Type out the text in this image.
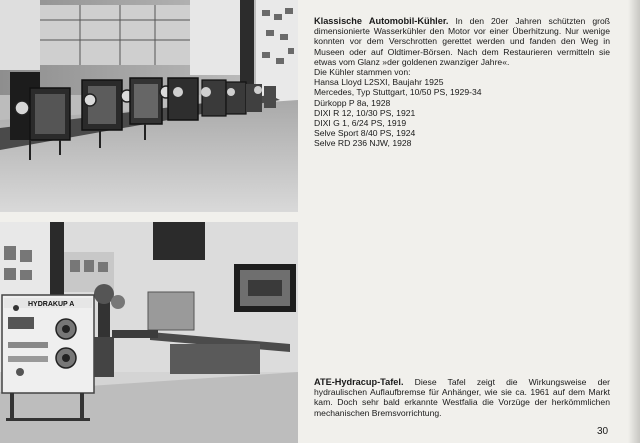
HYDRAKUP A
Klassische Automobil-Kühler. In den 20er Jahren schützten groß dimensionierte Wasserkühler den Motor vor einer Überhitzung. Nur wenige konnten vor dem Verschrotten gerettet werden und fanden den Weg in Museen oder auf Oldtimer-Börsen. Nach dem Restaurieren vermitteln sie etwas vom Glanz »der goldenen zwanziger Jahre«.
Die Kühler stammen von:
Hansa Lloyd L2SXI, Baujahr 1925
Mercedes, Typ Stuttgart, 10/50 PS, 1929-34
Dürkopp P 8a, 1928
DIXI R 12, 10/30 PS, 1921
DIXI G 1, 6/24 PS, 1919
Selve Sport 8/40 PS, 1924
Selve RD 236 NJW, 1928
ATE-Hydracup-Tafel. Diese Tafel zeigt die Wirkungsweise der hydraulischen Auflaufbremse für Anhänger, wie sie ca. 1961 auf dem Markt kam. Doch sehr bald erkannte Westfalia die Vorzüge der herkömmlichen mechanischen Bremsvorrichtung.
30
